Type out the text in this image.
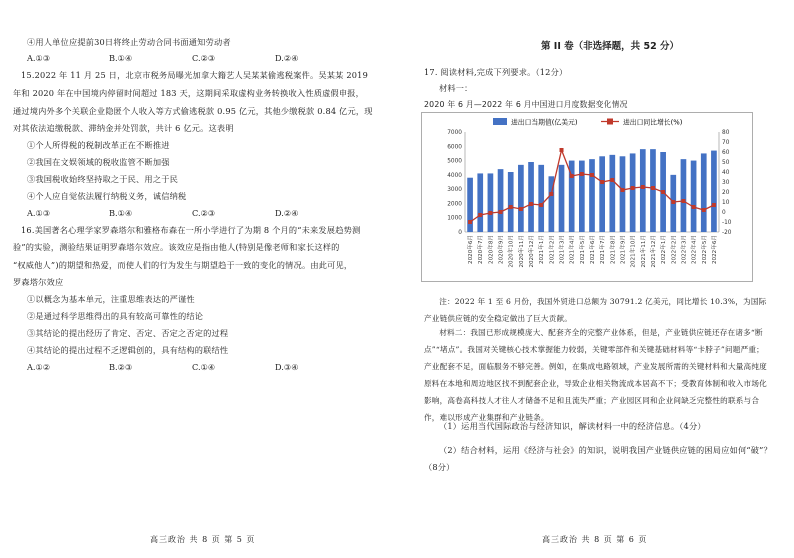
④用人单位应提前30日将终止劳动合同书面通知劳动者
A.①③	B.①④	C.②③	D.②④
15.2022 年 11 月 25 日，北京市税务局曝光加拿大籍艺人吴某某偷逃税案件。吴某某 2019
年和 2020 年在中国境内停留时间超过 183 天，这期间采取虚构业务转换收入性质虚假申报，
通过境内外多个关联企业隐匿个人收入等方式偷逃税款 0.95 亿元，其他少缴税款 0.84 亿元，现
对其依法追缴税款、滞纳金并处罚款，共计 6 亿元。这表明
①个人所得税的税制改革正在不断推进
②我国在文娱领域的税收监管不断加强
③我国税收始终坚持取之于民、用之于民
④个人应自觉依法履行纳税义务，诚信纳税
A.①③	B.①④	C.②③	D.②④
16.美国著名心理学家罗森塔尔和雅格布森在一所小学进行了为期 8 个月的“未来发展趋势测
验”的实验，测验结果证明罗森塔尔效应。该效应是指由他人(特别是像老师和家长这样的
“权威他人”)的期望和热爱，而使人们的行为发生与期望趋于一致的变化的情况。由此可见，
罗森塔尔效应
①以概念为基本单元，注重思维表达的严谨性
②是通过科学思维得出的具有较高可靠性的结论
③其结论的提出经历了肯定、否定、否定之否定的过程
④其结论的提出过程不乏逻辑创的，具有结构的联结性
A.①②	B.②③	C.①④	D.③④
高三政治 共 8 页 第 5 页
第 II 卷（非选择题，共 52 分）
17. 阅读材料,完成下列要求。（12分）
材料一：
2020 年 6 月—2022 年 6 月中国进口月度数据变化情况
进出口当期值(亿美元)	进出口同比增长(%)
0
1000
2000
3000
4000
5000
6000
7000
-20
-10
0
10
20
30
40
50
60
70
80
2020年6月 2020年7月 2020年8月 2020年9月 2020年10月 2020年11月 2020年12月 2021年1月 2021年2月 2021年3月 2021年4月 2021年5月 2021年6月 2021年7月 2021年8月 2021年9月 2021年10月 2021年11月 2021年12月 2022年1月 2022年2月 2022年3月 2022年4月 2022年5月 2022年6月
注：2022 年 1 至 6 月份，我国外贸进口总额为 30791.2 亿美元，同比增长 10.3%，为国际产业链供应链的安全稳定做出了巨大贡献。
材料二：我国已形成规模庞大、配套齐全的完整产业体系，但是，产业链供应链还存在诸多“断点”“堵点”。我国对关键核心技术掌握能力较弱，关键零部件和关键基础材料等“卡脖子”问题严重；产业配套不足，面临服务不够完善。例如，在集成电路领域，产业发展所需的关键材料和大量高纯度原料在本地和周边地区找不到配套企业，导致企业相关物流成本居高不下；受教育体制和收入市场化影响，高卷高科技人才往人才储备不足和且流失严重；产业园区同和企业间缺乏完整性的联系与合作，难以形成产业集群和产业链条。
（1）运用当代国际政治与经济知识，解读材料一中的经济信息。（4分）
（2）结合材料，运用《经济与社会》的知识，说明我国产业链供应链的困局应如何“破”？
（8分）
高三政治 共 8 页 第 6 页
